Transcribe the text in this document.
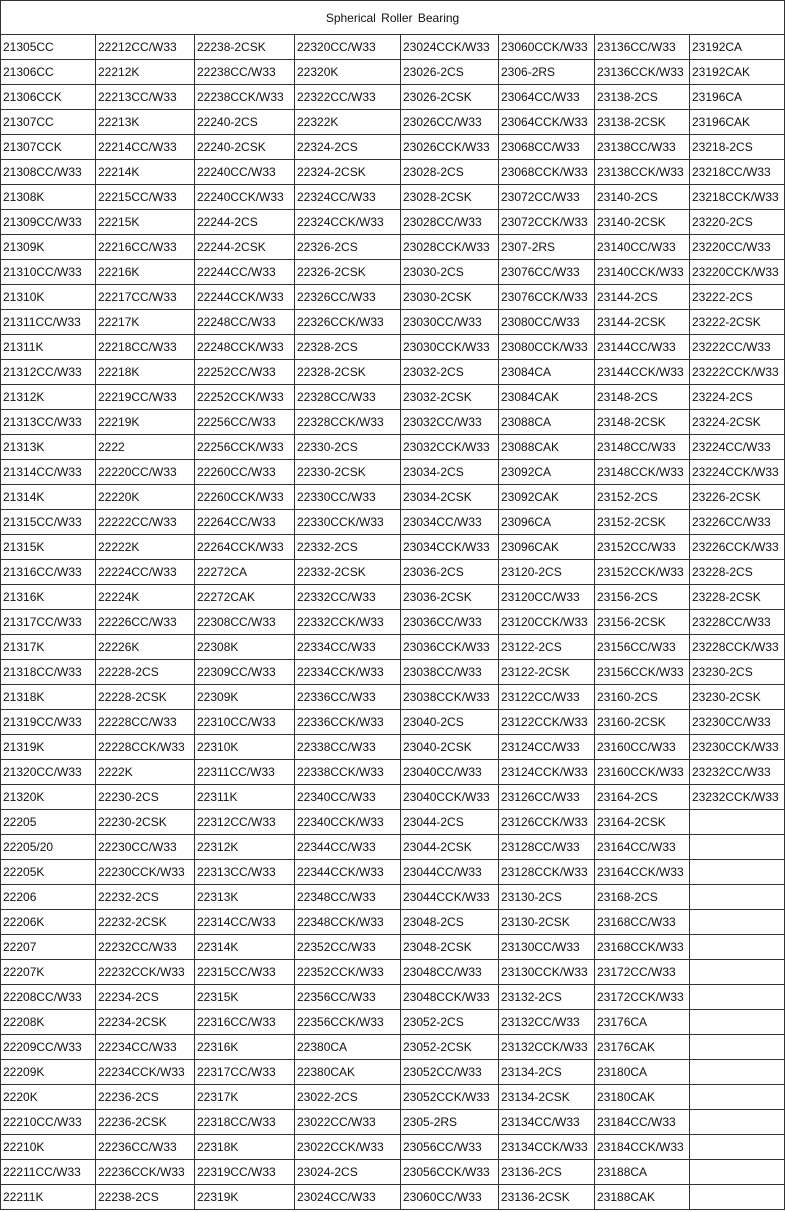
Spherical Roller Bearing							
21305CC	22212CC/W33	22238-2CSK	22320CC/W33	23024CCK/W33	23060CCK/W33	23136CC/W33	23192CA
21306CC	22212K	22238CC/W33	22320K	23026-2CS	2306-2RS	23136CCK/W33	23192CAK
21306CCK	22213CC/W33	22238CCK/W33	22322CC/W33	23026-2CSK	23064CC/W33	23138-2CS	23196CA
21307CC	22213K	22240-2CS	22322K	23026CC/W33	23064CCK/W33	23138-2CSK	23196CAK
21307CCK	22214CC/W33	22240-2CSK	22324-2CS	23026CCK/W33	23068CC/W33	23138CC/W33	23218-2CS
21308CC/W33	22214K	22240CC/W33	22324-2CSK	23028-2CS	23068CCK/W33	23138CCK/W33	23218CC/W33
21308K	22215CC/W33	22240CCK/W33	22324CC/W33	23028-2CSK	23072CC/W33	23140-2CS	23218CCK/W33
21309CC/W33	22215K	22244-2CS	22324CCK/W33	23028CC/W33	23072CCK/W33	23140-2CSK	23220-2CS
21309K	22216CC/W33	22244-2CSK	22326-2CS	23028CCK/W33	2307-2RS	23140CC/W33	23220CC/W33
21310CC/W33	22216K	22244CC/W33	22326-2CSK	23030-2CS	23076CC/W33	23140CCK/W33	23220CCK/W33
21310K	22217CC/W33	22244CCK/W33	22326CC/W33	23030-2CSK	23076CCK/W33	23144-2CS	23222-2CS
21311CC/W33	22217K	22248CC/W33	22326CCK/W33	23030CC/W33	23080CC/W33	23144-2CSK	23222-2CSK
21311K	22218CC/W33	22248CCK/W33	22328-2CS	23030CCK/W33	23080CCK/W33	23144CC/W33	23222CC/W33
21312CC/W33	22218K	22252CC/W33	22328-2CSK	23032-2CS	23084CA	23144CCK/W33	23222CCK/W33
21312K	22219CC/W33	22252CCK/W33	22328CC/W33	23032-2CSK	23084CAK	23148-2CS	23224-2CS
21313CC/W33	22219K	22256CC/W33	22328CCK/W33	23032CC/W33	23088CA	23148-2CSK	23224-2CSK
21313K	2222	22256CCK/W33	22330-2CS	23032CCK/W33	23088CAK	23148CC/W33	23224CC/W33
21314CC/W33	22220CC/W33	22260CC/W33	22330-2CSK	23034-2CS	23092CA	23148CCK/W33	23224CCK/W33
21314K	22220K	22260CCK/W33	22330CC/W33	23034-2CSK	23092CAK	23152-2CS	23226-2CSK
21315CC/W33	22222CC/W33	22264CC/W33	22330CCK/W33	23034CC/W33	23096CA	23152-2CSK	23226CC/W33
21315K	22222K	22264CCK/W33	22332-2CS	23034CCK/W33	23096CAK	23152CC/W33	23226CCK/W33
21316CC/W33	22224CC/W33	22272CA	22332-2CSK	23036-2CS	23120-2CS	23152CCK/W33	23228-2CS
21316K	22224K	22272CAK	22332CC/W33	23036-2CSK	23120CC/W33	23156-2CS	23228-2CSK
21317CC/W33	22226CC/W33	22308CC/W33	22332CCK/W33	23036CC/W33	23120CCK/W33	23156-2CSK	23228CC/W33
21317K	22226K	22308K	22334CC/W33	23036CCK/W33	23122-2CS	23156CC/W33	23228CCK/W33
21318CC/W33	22228-2CS	22309CC/W33	22334CCK/W33	23038CC/W33	23122-2CSK	23156CCK/W33	23230-2CS
21318K	22228-2CSK	22309K	22336CC/W33	23038CCK/W33	23122CC/W33	23160-2CS	23230-2CSK
21319CC/W33	22228CC/W33	22310CC/W33	22336CCK/W33	23040-2CS	23122CCK/W33	23160-2CSK	23230CC/W33
21319K	22228CCK/W33	22310K	22338CC/W33	23040-2CSK	23124CC/W33	23160CC/W33	23230CCK/W33
21320CC/W33	2222K	22311CC/W33	22338CCK/W33	23040CC/W33	23124CCK/W33	23160CCK/W33	23232CC/W33
21320K	22230-2CS	22311K	22340CC/W33	23040CCK/W33	23126CC/W33	23164-2CS	23232CCK/W33
22205	22230-2CSK	22312CC/W33	22340CCK/W33	23044-2CS	23126CCK/W33	23164-2CSK	
22205/20	22230CC/W33	22312K	22344CC/W33	23044-2CSK	23128CC/W33	23164CC/W33	
22205K	22230CCK/W33	22313CC/W33	22344CCK/W33	23044CC/W33	23128CCK/W33	23164CCK/W33	
22206	22232-2CS	22313K	22348CC/W33	23044CCK/W33	23130-2CS	23168-2CS	
22206K	22232-2CSK	22314CC/W33	22348CCK/W33	23048-2CS	23130-2CSK	23168CC/W33	
22207	22232CC/W33	22314K	22352CC/W33	23048-2CSK	23130CC/W33	23168CCK/W33	
22207K	22232CCK/W33	22315CC/W33	22352CCK/W33	23048CC/W33	23130CCK/W33	23172CC/W33	
22208CC/W33	22234-2CS	22315K	22356CC/W33	23048CCK/W33	23132-2CS	23172CCK/W33	
22208K	22234-2CSK	22316CC/W33	22356CCK/W33	23052-2CS	23132CC/W33	23176CA	
22209CC/W33	22234CC/W33	22316K	22380CA	23052-2CSK	23132CCK/W33	23176CAK	
22209K	22234CCK/W33	22317CC/W33	22380CAK	23052CC/W33	23134-2CS	23180CA	
2220K	22236-2CS	22317K	23022-2CS	23052CCK/W33	23134-2CSK	23180CAK	
22210CC/W33	22236-2CSK	22318CC/W33	23022CC/W33	2305-2RS	23134CC/W33	23184CC/W33	
22210K	22236CC/W33	22318K	23022CCK/W33	23056CC/W33	23134CCK/W33	23184CCK/W33	
22211CC/W33	22236CCK/W33	22319CC/W33	23024-2CS	23056CCK/W33	23136-2CS	23188CA	
22211K	22238-2CS	22319K	23024CC/W33	23060CC/W33	23136-2CSK	23188CAK	
